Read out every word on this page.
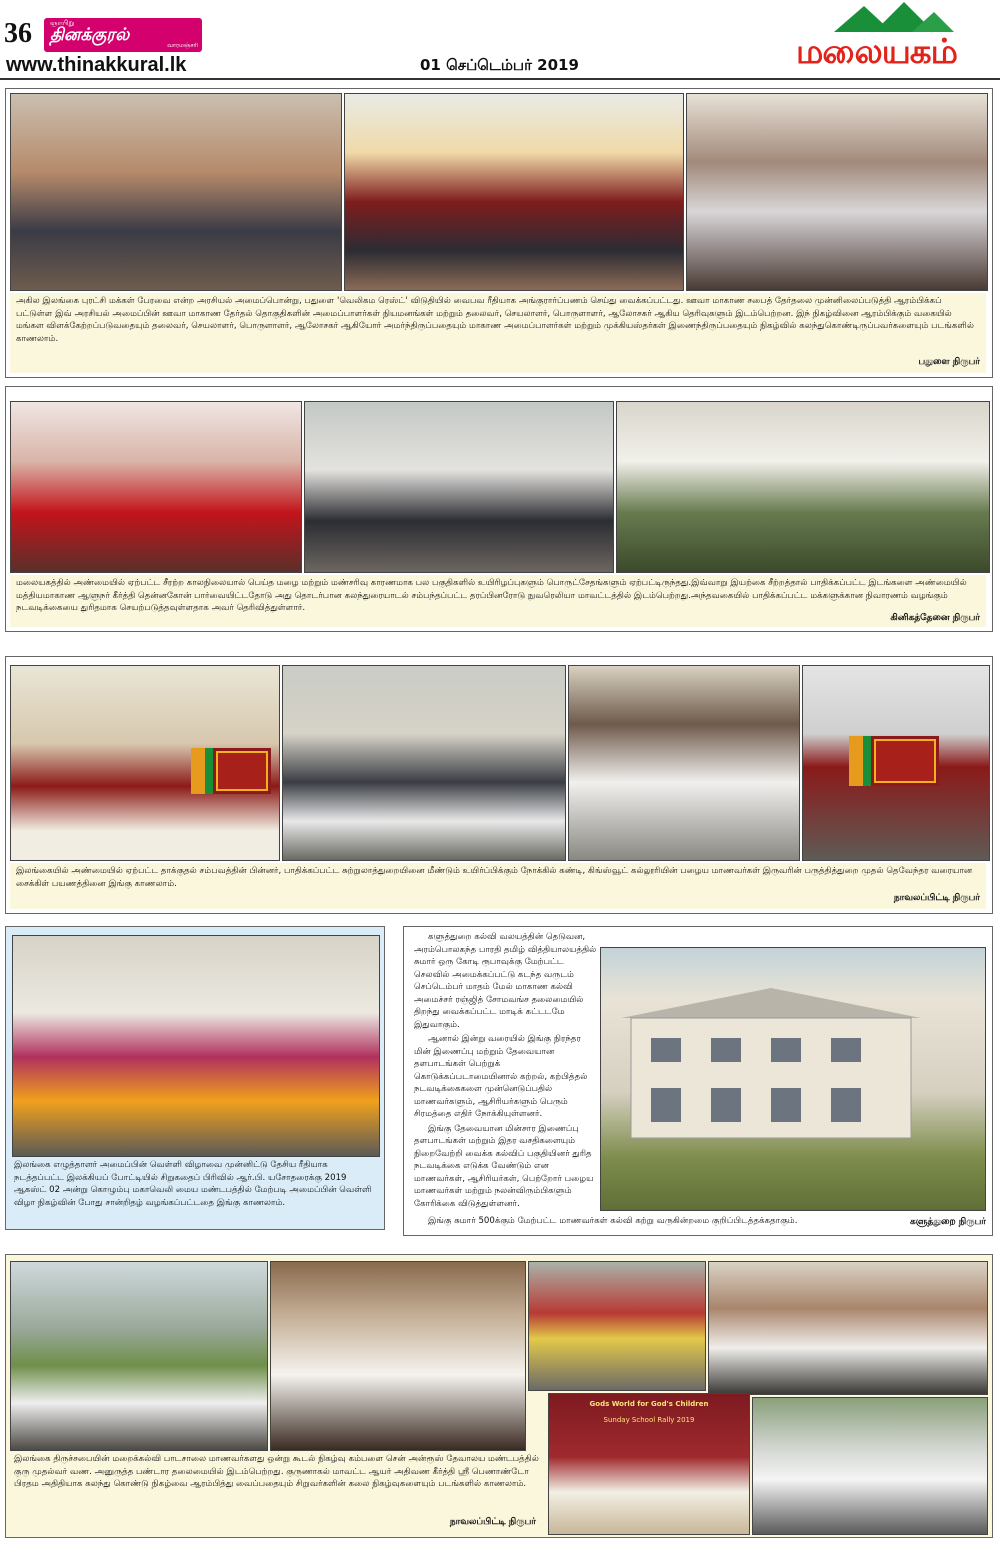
36	ஞாயிறு
தினக்குரல்
வாரமஞ்சரி
www.thinakkural.lk	01 செப்டெம்பர் 2019	மலையகம்
அகில இலங்கை புரட்சி மக்கள் பேரவை என்ற அரசியல் அமைப்பொன்று, பதுளை 'வெலிகம ரெஸ்ட்' விடுதியில் வைபவ ரீதியாக அங்குரார்ப்பணம் செய்து வைக்கப்பட்டது. ஊவா மாகாண சபைத் தேர்தலை முன்னிலைப்படுத்தி ஆரம்பிக்கப் பட்டுள்ள இவ் அரசியல் அமைப்பின் ஊவா மாகாண தேர்தல் தொகுதிகளின் அமைப்பாளர்கள் நியமனங்கள் மற்றும் தலைவர், செயலாளர், பொருளாளர், ஆலோசகர் ஆகிய தெரிவுகளும் இடம்பெற்றன. இந் நிகழ்வினை ஆரம்பிக்கும் வகையில் மங்கள விளக்கேற்றப்படுவதையும் தலைவர், செயலாளர், பொருளாளர், ஆலோசகர் ஆகியோர் அமர்ந்திருப்பதையும் மாகாண அமைப்பாளர்கள் மற்றும் முக்கியஸ்தர்கள் இணைந்திருப்பதையும் நிகழ்வில் கலந்துகொண்டிருப்பவர்களையும் படங்களில் காணலாம்.
பதுளை நிருபர்
மலையகத்தில் அண்மையில் ஏற்பட்ட சீரற்ற காலநிலையால் பெய்த மழை மற்றும் மண்சரிவு காரணமாக பல பகுதிகளில் உயிரிழப்புகளும் பொருட்சேதங்களும் ஏற்பட்டிருந்தது.இவ்வாறு இயற்கை சீற்றத்தால் பாதிக்கப்பட்ட இடங்களை அண்மையில் மத்தியமாகாண ஆளுநர் கீர்த்தி தென்னகோன் பார்வையிட்டதோடு அது தொடர்பான கலந்துரையாடல் சம்பந்தப்பட்ட தரப்பினரோடு நுவரெலியா மாவட்டத்தில் இடம்பெற்றது.அந்தவகையில் பாதிக்கப்பட்ட மக்களுக்கான நிவாரணம் வழங்கும் நடவடிக்கையை துரிதமாக செயற்படுத்தவுள்ளதாக அவர் தெரிவித்துள்ளார்.
கினிகத்தேனை நிருபர்
இலங்கையில் அண்மையில் ஏற்பட்ட தாக்குதல் சம்பவத்தின் பின்னர், பாதிக்கப்பட்ட சுற்றுலாத்துறையினை மீண்டும் உயிர்ப்பிக்கும் நோக்கில் கண்டி, கிங்ஸ்வூட் கல்லூரியின் பழைய மாணவர்கள் இருவரின் பருத்தித்துறை முதல் தெவேந்தர வரையான சைக்கிள் பயணத்தினை இங்கு காணலாம்.
நாவலப்பிட்டி நிருபர்
இலங்கை எழுத்தாளர் அமைப்பின் வெள்ளி விழாவை முன்னிட்டு தேசிய ரீதியாக நடத்தப்பட்ட இலக்கியப் போட்டியில் சிறுகதைப் பிரிவில் ஆர்.பி. யசோதரைக்கு 2019 ஆகஸ்ட் 02 அன்று கொழும்பு மகாவெலி மைய மண்டபத்தில் மேற்படி அமைப்பின் வெள்ளி விழா நிகழ்வின் போது சான்றிதழ் வழங்கப்பட்டதை இங்கு காணலாம்.
களுத்துறை கல்வி வலயத்தின் தெடுவன, அரம்பொலகந்த பாரதி தமிழ் வித்தியாலயத்தில் சுமார் ஒரு கோடி ரூபாவுக்கு மேற்பட்ட செலவில் அமைக்கப்பட்டு கடந்த வருடம் செப்டெம்பர் மாதம் மேல் மாகாண கல்வி அமைச்சர் ரஞ்ஜித் சோமவங்ச தலைமையில் திறந்து வைக்கப்பட்ட மாடிக் கட்டடமே இதுவாகும்.
ஆனால் இன்று வரையில் இங்கு நிரந்தர மின் இணைப்பு மற்றும் தேவையான தளபாடங்கள் பெற்றுக் கொடுக்கப்படாமையினால் கற்றல், கற்பித்தல் நடவடிக்கைகளை முன்னெடுப்பதில் மாணவர்களும், ஆசிரியர்களும் பெரும் சிரமத்தை எதிர் நோக்கியுள்ளனர்.
இங்கு தேவையான மின்சார இணைப்பு தளபாடங்கள் மற்றும் இதர வசதிகளையும் நிறைவேற்றி வைக்க கல்விப் பகுதியினர் துரித நடவடிக்கை எடுக்க வேண்டும் என மாணவர்கள், ஆசிரியர்கள், பெற்றோர் பழைய மாணவர்கள் மற்றும் நலன்விரும்பிகளும் கோரிக்கை விடுத்துள்ளனர்.
இங்கு சுமார் 500க்கும் மேற்பட்ட மாணவர்கள் கல்வி கற்று வருகின்றமை குறிப்பிடத்தக்கதாகும்.	களுத்துறை நிருபர்
Gods World for God's Children
Sunday School Rally 2019
இலங்கை திருச்சபையின் மறைக்கல்வி பாடசாலை மாணவர்களது ஒன்று கூடல் நிகழ்வு கம்பளை சென் அன்ரூஸ் தேவாலய மண்டபத்தில் குரு முதல்வர் வண. அனுருத்த பண்டார தலைமையில் இடம்பெற்றது. குருணாகல் மாவட்ட ஆயர் அதிவண கீர்த்தி ஸ்ரீ பெணாண்டோ பிரதம அதிதியாக கலந்து கொண்டு நிகழ்வை ஆரம்பித்து வைப்பதையும் சிறுவர்களின் கலை நிகழ்வுகளையும் படங்களில் காணலாம்.
நாவலப்பிட்டி நிருபர்
